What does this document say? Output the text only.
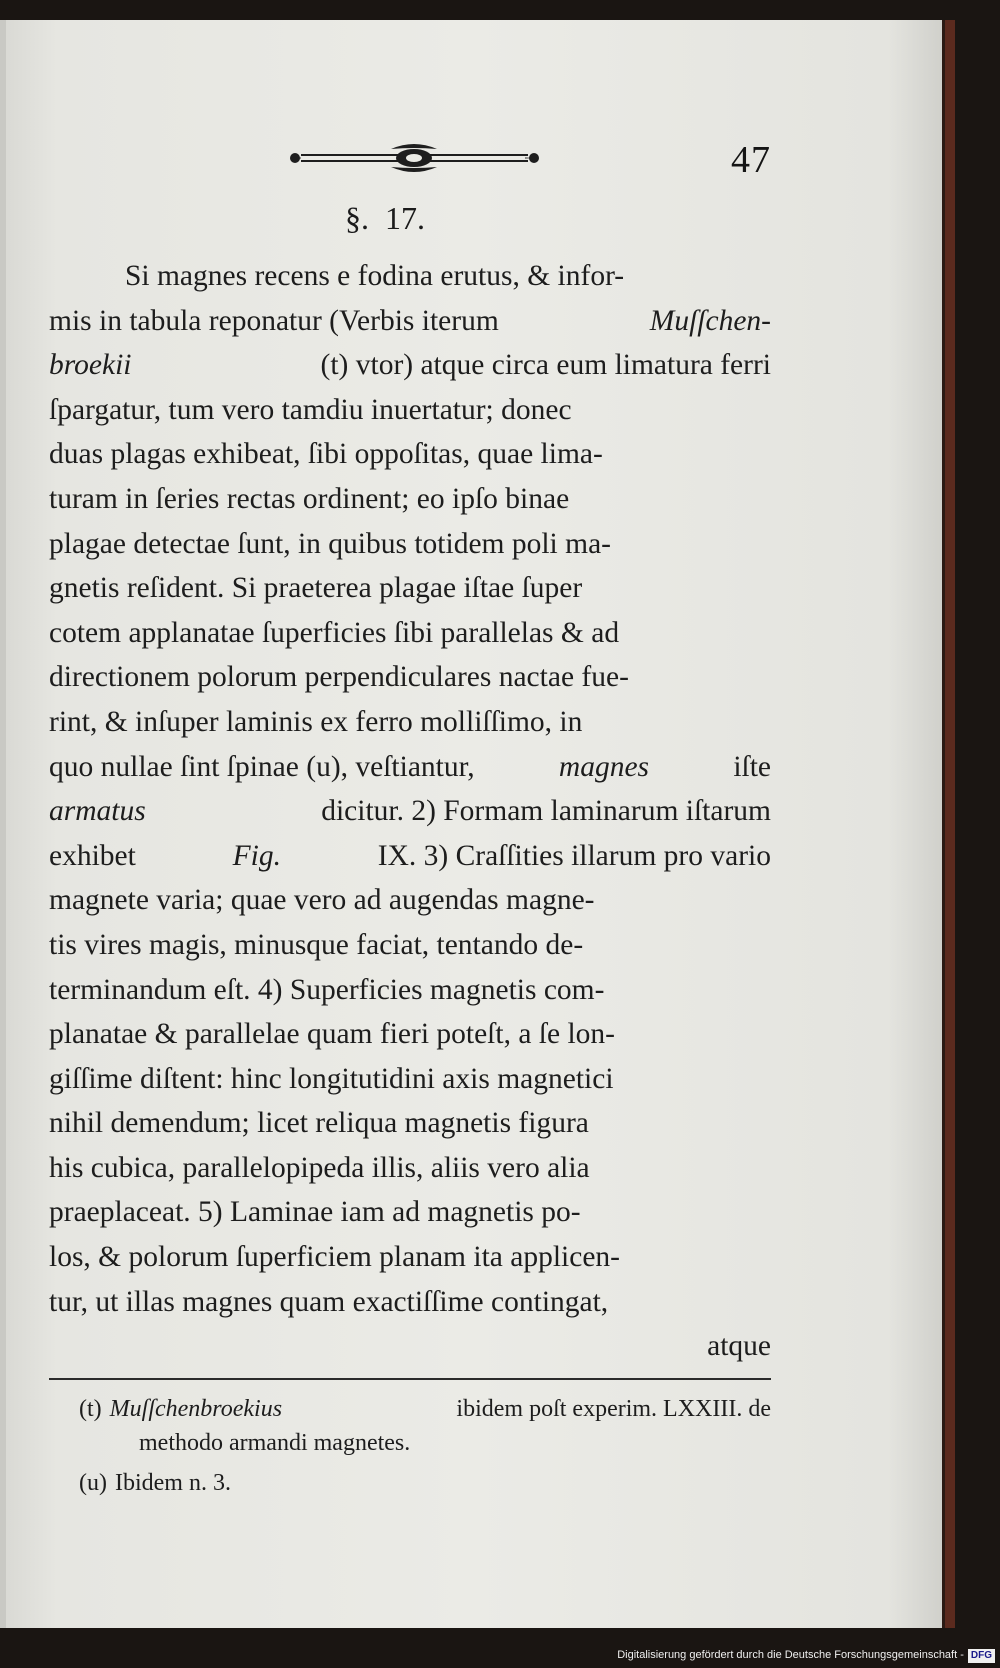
47
§. 17.
Si magnes recens e fodina erutus, & infor-
mis in tabula reponatur (Verbis iterum	Muſſchen-
broekii	(t) vtor) atque circa eum limatura ferri
ſpargatur, tum vero tamdiu inuertatur; donec
duas plagas exhibeat, ſibi oppoſitas, quae lima-
turam in ſeries rectas ordinent; eo ipſo binae
plagae detectae ſunt, in quibus totidem poli ma-
gnetis reſident. Si praeterea plagae iſtae ſuper
cotem applanatae ſuperficies ſibi parallelas & ad
directionem polorum perpendiculares nactae fue-
rint, & inſuper laminis ex ferro molliſſimo, in
quo nullae ſint ſpinae (u), veſtiantur,	magnes	iſte
armatus	dicitur. 2) Formam laminarum iſtarum
exhibet	Fig.	IX. 3) Craſſities illarum pro vario
magnete varia; quae vero ad augendas magne-
tis vires magis, minusque faciat, tentando de-
terminandum eſt. 4) Superficies magnetis com-
planatae & parallelae quam fieri poteſt, a ſe lon-
giſſime diſtent: hinc longitutidini axis magnetici
nihil demendum; licet reliqua magnetis figura
his cubica, parallelopipeda illis, aliis vero alia
praeplaceat. 5) Laminae iam ad magnetis po-
los, & polorum ſuperficiem planam ita applicen-
tur, ut illas magnes quam exactiſſime contingat,
atque
(t) Muſſchenbroekius	ibidem poſt experim. LXXIII. de
methodo armandi magnetes.
(u) Ibidem n. 3.
Digitalisierung gefördert durch die Deutsche Forschungsgemeinschaft - DFG
